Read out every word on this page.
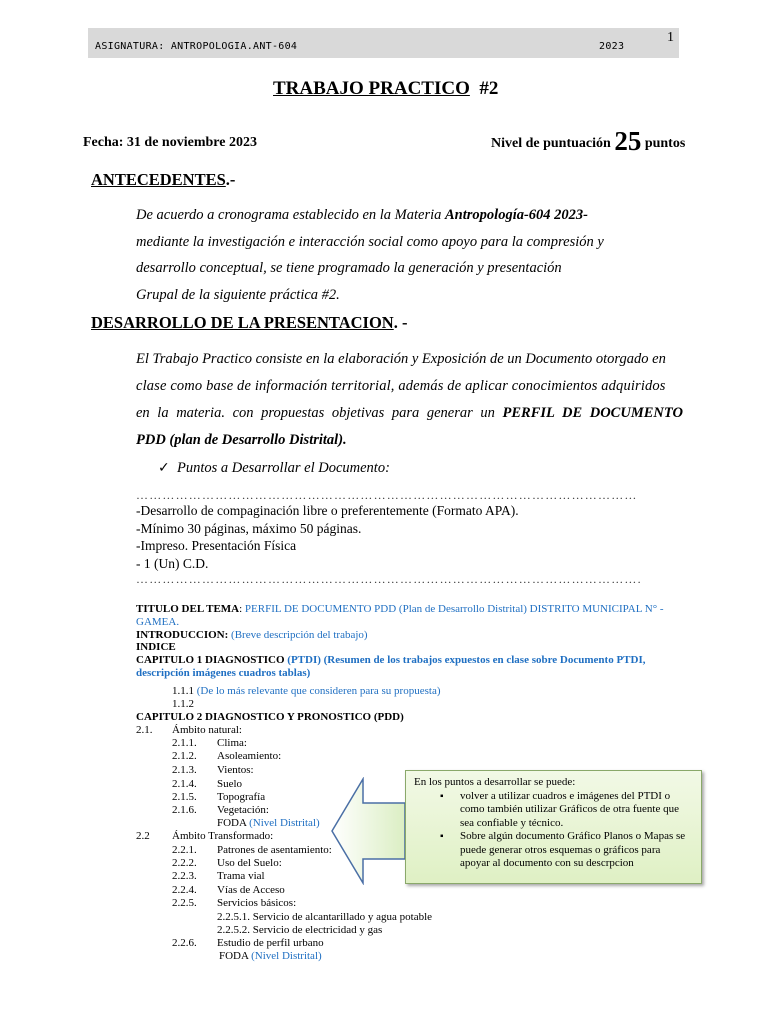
ASIGNATURA: ANTROPOLOGIA.ANT-604	2023
1
TRABAJO PRACTICO #2
Fecha: 31 de noviembre 2023	Nivel de puntuación 25 puntos
ANTECEDENTES.-
De acuerdo a cronograma establecido en la Materia Antropología-604 2023-
mediante la investigación e interacción social como apoyo para la compresión y
desarrollo conceptual, se tiene programado la generación y presentación
Grupal de la siguiente práctica #2.
DESARROLLO DE LA PRESENTACION. -
El Trabajo Practico consiste en la elaboración y Exposición de un Documento otorgado en
clase como base de información territorial, además de aplicar conocimientos adquiridos
en la materia. con propuestas objetivas para generar un PERFIL DE DOCUMENTO
PDD (plan de Desarrollo Distrital).
✓ Puntos a Desarrollar el Documento:
……………………………………………………………………………………………………
-Desarrollo de compaginación libre o preferentemente (Formato APA).
-Mínimo 30 páginas, máximo 50 páginas.
-Impreso. Presentación Física
- 1 (Un) C.D.
…………………………………………………………………………………………………….
TITULO DEL TEMA: PERFIL DE DOCUMENTO PDD (Plan de Desarrollo Distrital) DISTRITO MUNICIPAL N° -
GAMEA.
INTRODUCCION: (Breve descripción del trabajo)
INDICE
CAPITULO 1 DIAGNOSTICO (PTDI) (Resumen de los trabajos expuestos en clase sobre Documento PTDI,
descripción imágenes cuadros tablas)
1.1.1 (De lo más relevante que consideren para su propuesta)
1.1.2
CAPITULO 2 DIAGNOSTICO Y PRONOSTICO (PDD)
2.1. Ámbito natural:
2.1.1. Clima:
2.1.2. Asoleamiento:
2.1.3. Vientos:
2.1.4. Suelo
2.1.5. Topografía
2.1.6. Vegetación:
FODA (Nivel Distrital)
2.2 Ámbito Transformado:
2.2.1. Patrones de asentamiento:
2.2.2. Uso del Suelo:
2.2.3. Trama vial
2.2.4. Vías de Acceso
2.2.5. Servicios básicos:
2.2.5.1. Servicio de alcantarillado y agua potable
2.2.5.2. Servicio de electricidad y gas
2.2.6. Estudio de perfil urbano
FODA (Nivel Distrital)
En los puntos a desarrollar se puede:
▪ volver a utilizar cuadros e imágenes del PTDI o como también utilizar Gráficos de otra fuente que sea confiable y técnico.
▪ Sobre algún documento Gráfico Planos o Mapas se puede generar otros esquemas o gráficos para apoyar al documento con su descrpcion
